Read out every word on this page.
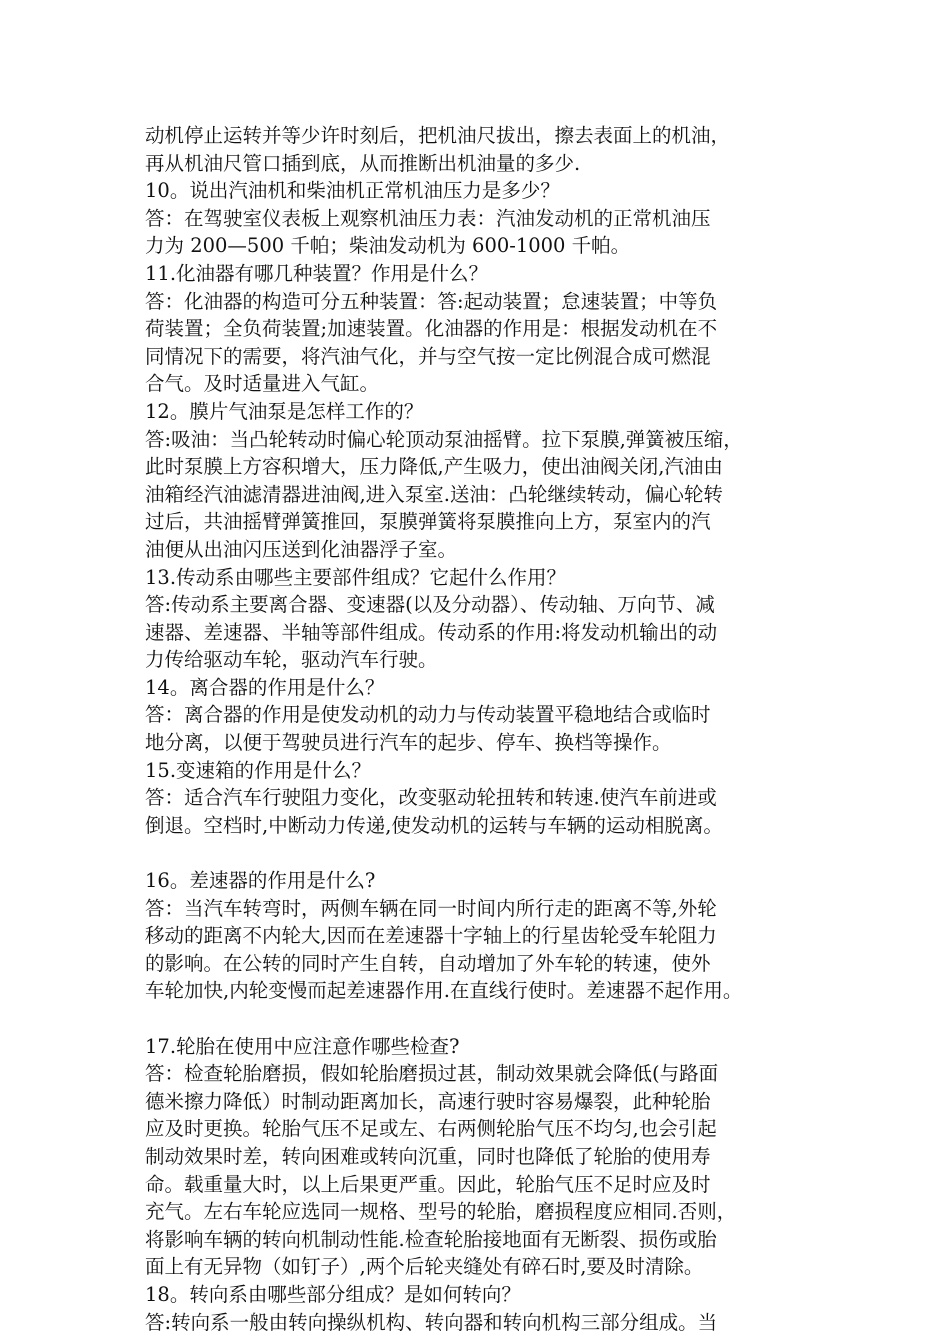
动机停止运转并等少许时刻后，把机油尺拔出，擦去表面上的机油，
再从机油尺管口插到底，从而推断出机油量的多少.
10。说出汽油机和柴油机正常机油压力是多少？
答：在驾驶室仪表板上观察机油压力表：汽油发动机的正常机油压
力为 200—500 千帕；柴油发动机为 600-1000 千帕。
11.化油器有哪几种装置？作用是什么？
答：化油器的构造可分五种装置：答:起动装置；怠速装置；中等负
荷装置；全负荷装置;加速装置。化油器的作用是：根据发动机在不
同情况下的需要，将汽油气化，并与空气按一定比例混合成可燃混
合气。及时适量进入气缸。
12。膜片气油泵是怎样工作的？
答:吸油：当凸轮转动时偏心轮顶动泵油摇臂。拉下泵膜,弹簧被压缩，
此时泵膜上方容积增大，压力降低,产生吸力，使出油阀关闭,汽油由
油箱经汽油滤清器进油阀,进入泵室.送油：凸轮继续转动，偏心轮转
过后，共油摇臂弹簧推回，泵膜弹簧将泵膜推向上方，泵室内的汽
油便从出油闪压送到化油器浮子室。
13.传动系由哪些主要部件组成？它起什么作用？
答:传动系主要离合器、变速器(以及分动器）、传动轴、万向节、减
速器、差速器、半轴等部件组成。传动系的作用:将发动机输出的动
力传给驱动车轮，驱动汽车行驶。
14。离合器的作用是什么？
答：离合器的作用是使发动机的动力与传动装置平稳地结合或临时
地分离，以便于驾驶员进行汽车的起步、停车、换档等操作。
15.变速箱的作用是什么？
答：适合汽车行驶阻力变化，改变驱动轮扭转和转速.使汽车前进或
倒退。空档时,中断动力传递,使发动机的运转与车辆的运动相脱离。
16。差速器的作用是什么?
答：当汽车转弯时，两侧车辆在同一时间内所行走的距离不等,外轮
移动的距离不内轮大,因而在差速器十字轴上的行星齿轮受车轮阻力
的影响。在公转的同时产生自转，自动增加了外车轮的转速，使外
车轮加快,内轮变慢而起差速器作用.在直线行使时。差速器不起作用。
17.轮胎在使用中应注意作哪些检查?
答：检查轮胎磨损，假如轮胎磨损过甚，制动效果就会降低(与路面
德米擦力降低）时制动距离加长，高速行驶时容易爆裂，此种轮胎
应及时更换。轮胎气压不足或左、右两侧轮胎气压不均匀,也会引起
制动效果时差，转向困难或转向沉重，同时也降低了轮胎的使用寿
命。载重量大时，以上后果更严重。因此，轮胎气压不足时应及时
充气。左右车轮应选同一规格、型号的轮胎，磨损程度应相同.否则，
将影响车辆的转向机制动性能.检查轮胎接地面有无断裂、损伤或胎
面上有无异物（如钉子）,两个后轮夹缝处有碎石时,要及时清除。
18。转向系由哪些部分组成？是如何转向？
答:转向系一般由转向操纵机构、转向器和转向机构三部分组成。当
